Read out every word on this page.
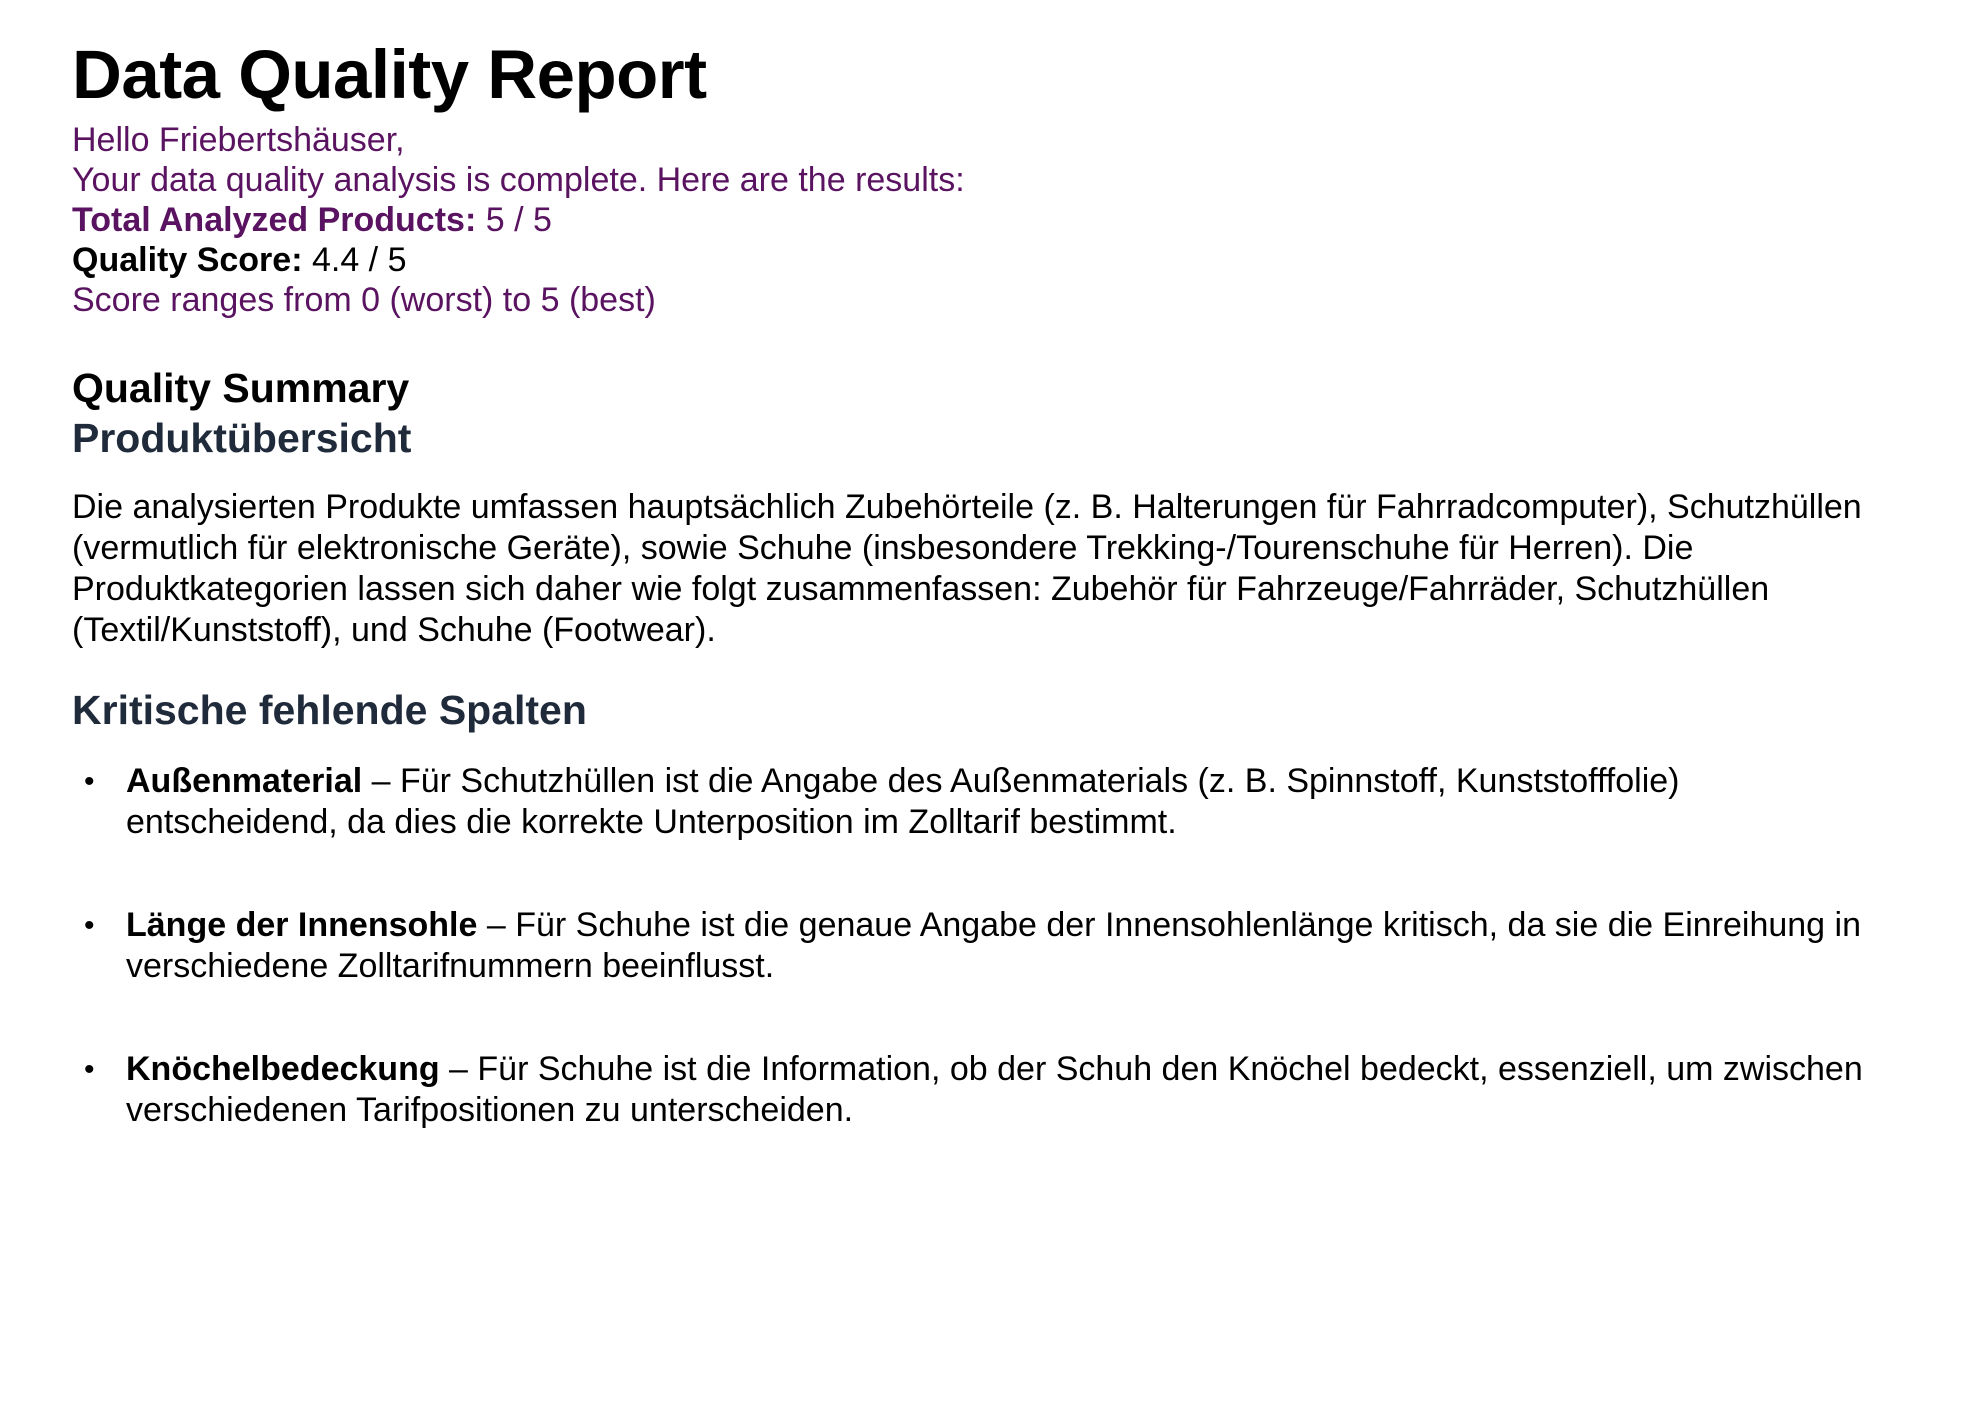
Data Quality Report

Hello Friebertshäuser,

Your data quality analysis is complete. Here are the results:

Total Analyzed Products: 5 / 5

Quality Score: 4.4 / 5

Score ranges from 0 (worst) to 5 (best)

Quality Summary
Produktübersicht

Die analysierten Produkte umfassen hauptsächlich Zubehörteile (z. B. Halterungen für Fahrradcomputer), Schutzhüllen (vermutlich für elektronische Geräte), sowie Schuhe (insbesondere Trekking-/Tourenschuhe für Herren). Die Produktkategorien lassen sich daher wie folgt zusammenfassen: Zubehör für Fahrzeuge/Fahrräder, Schutzhüllen (Textil/Kunststoff), und Schuhe (Footwear).

Kritische fehlende Spalten
• Außenmaterial – Für Schutzhüllen ist die Angabe des Außenmaterials (z. B. Spinnstoff, Kunststofffolie) entscheidend, da dies die korrekte Unterposition im Zolltarif bestimmt.
• Länge der Innensohle – Für Schuhe ist die genaue Angabe der Innensohlenlänge kritisch, da sie die Einreihung in verschiedene Zolltarifnummern beeinflusst.
• Knöchelbedeckung – Für Schuhe ist die Information, ob der Schuh den Knöchel bedeckt, essenziell, um zwischen verschiedenen Tarifpositionen zu unterscheiden.
